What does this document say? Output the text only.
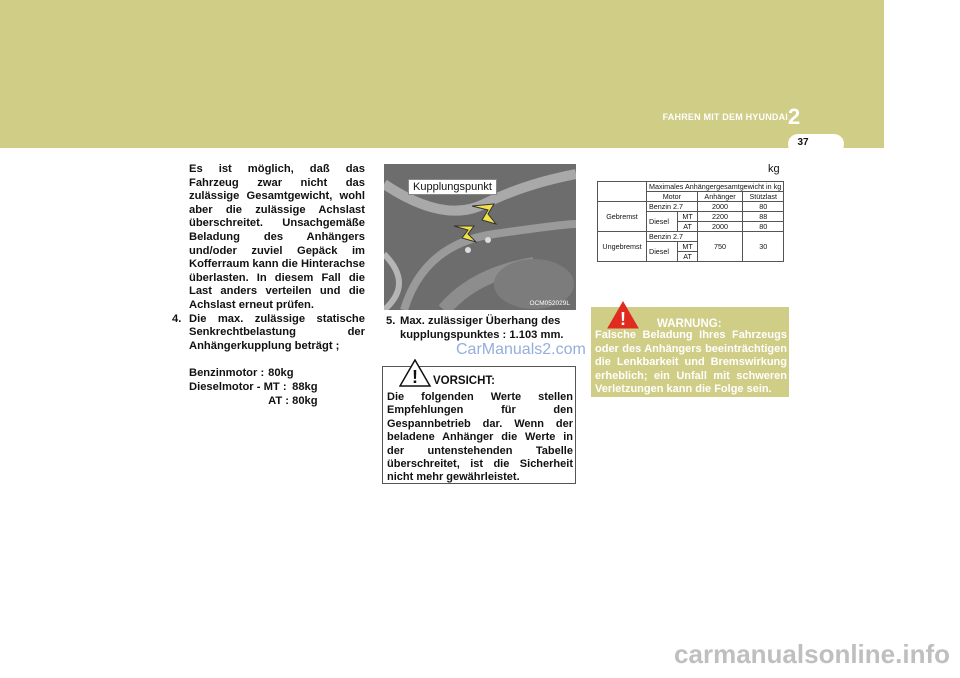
FAHREN MIT DEM HYUNDAI 2
37

Es ist möglich, daß das Fahrzeug zwar nicht das zulässige Gesamtgewicht, wohl aber die zulässige Achslast überschreitet. Unsachgemäße Beladung des Anhängers und/oder zuviel Gepäck im Kofferraum kann die Hinterachse überlasten. In diesem Fall die Last anders verteilen und die Achslast erneut prüfen.

4. Die max. zulässige statische Senkrechtbelastung der Anhängerkupplung beträgt ;

Benzinmotor :
80kg
Dieselmotor - MT :
88kg
AT :
80kg
Kupplungspunkt
OCM052029L
5. Max. zulässiger Überhang des kupplungspunktes : 1.103 mm.
CarManuals2.com
! VORSICHT:
Die folgenden Werte stellen Empfehlungen für den Gespannbetrieb dar. Wenn der beladene Anhänger die Werte in der untenstehenden Tabelle überschreitet, ist die Sicherheit nicht mehr gewährleistet.
kg
	Maximales Anhängergesamtgewicht in kg			
	Motor		Anhänger	Stützlast
Gebremst	Benzin 2.7		2000	80
	Diesel	MT	2200	88
		AT	2000	80
Ungebremst	Benzin 2.7		750	30
	Diesel	MT		
		AT		
!	WARNUNG:
Falsche Beladung Ihres Fahrzeugs oder des Anhängers beeinträchtigen die Lenkbarkeit und Bremswirkung erheblich; ein Unfall mit schweren Verletzungen kann die Folge sein.
carmanualsonline.info
